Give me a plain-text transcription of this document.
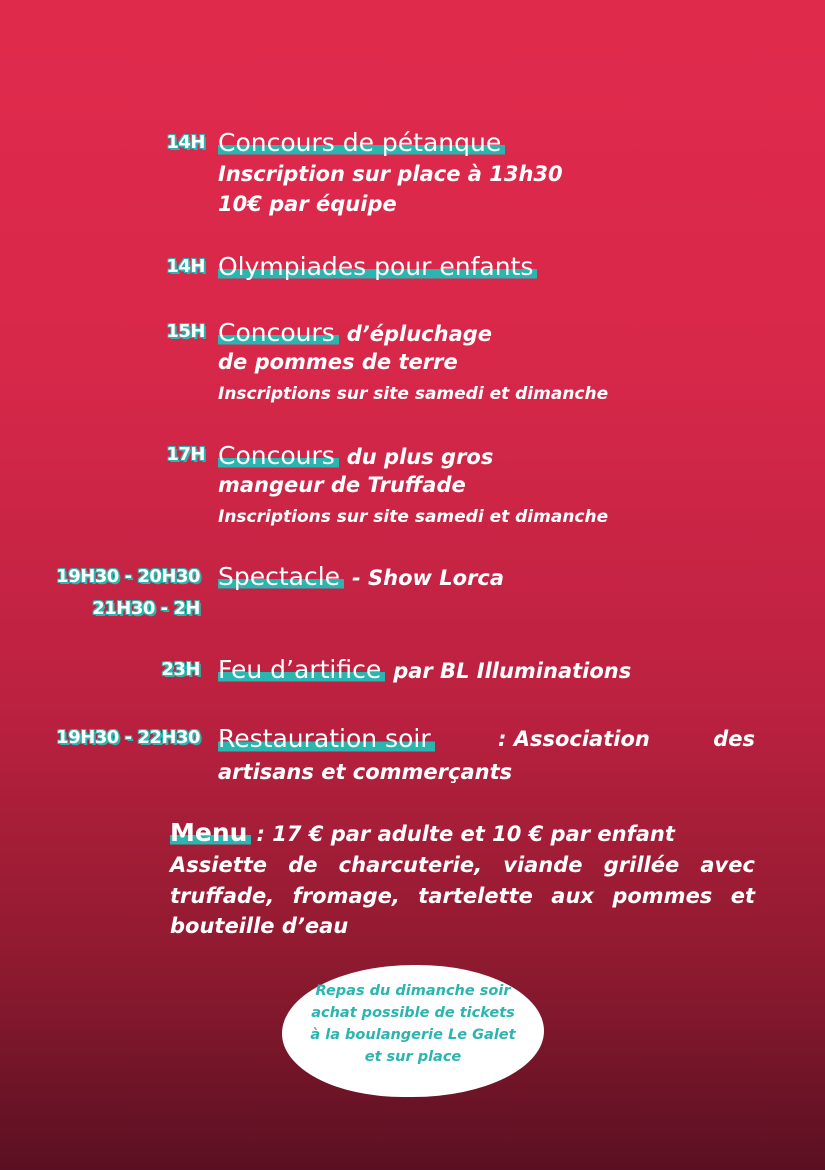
14H Concours de pétanque
Inscription sur place à 13h30
10€ par équipe
14H Olympiades pour enfants
15H Concours d’épluchage
de pommes de terre
Inscriptions sur site samedi et dimanche
17H Concours du plus gros
mangeur de Truffade
Inscriptions sur site samedi et dimanche
19H30 - 20H30
21H30 - 2H
Spectacle - Show Lorca
23H Feu d’artifice par BL Illuminations
19H30 - 22H30 Restauration soir	: Association	des
artisans et commerçants
Menu : 17 € par adulte et 10 € par enfant
Assiette de charcuterie, viande grillée avec
truffade, fromage, tartelette aux pommes et
bouteille d’eau
Repas du dimanche soir
achat possible de tickets
à la boulangerie Le Galet
et sur place
